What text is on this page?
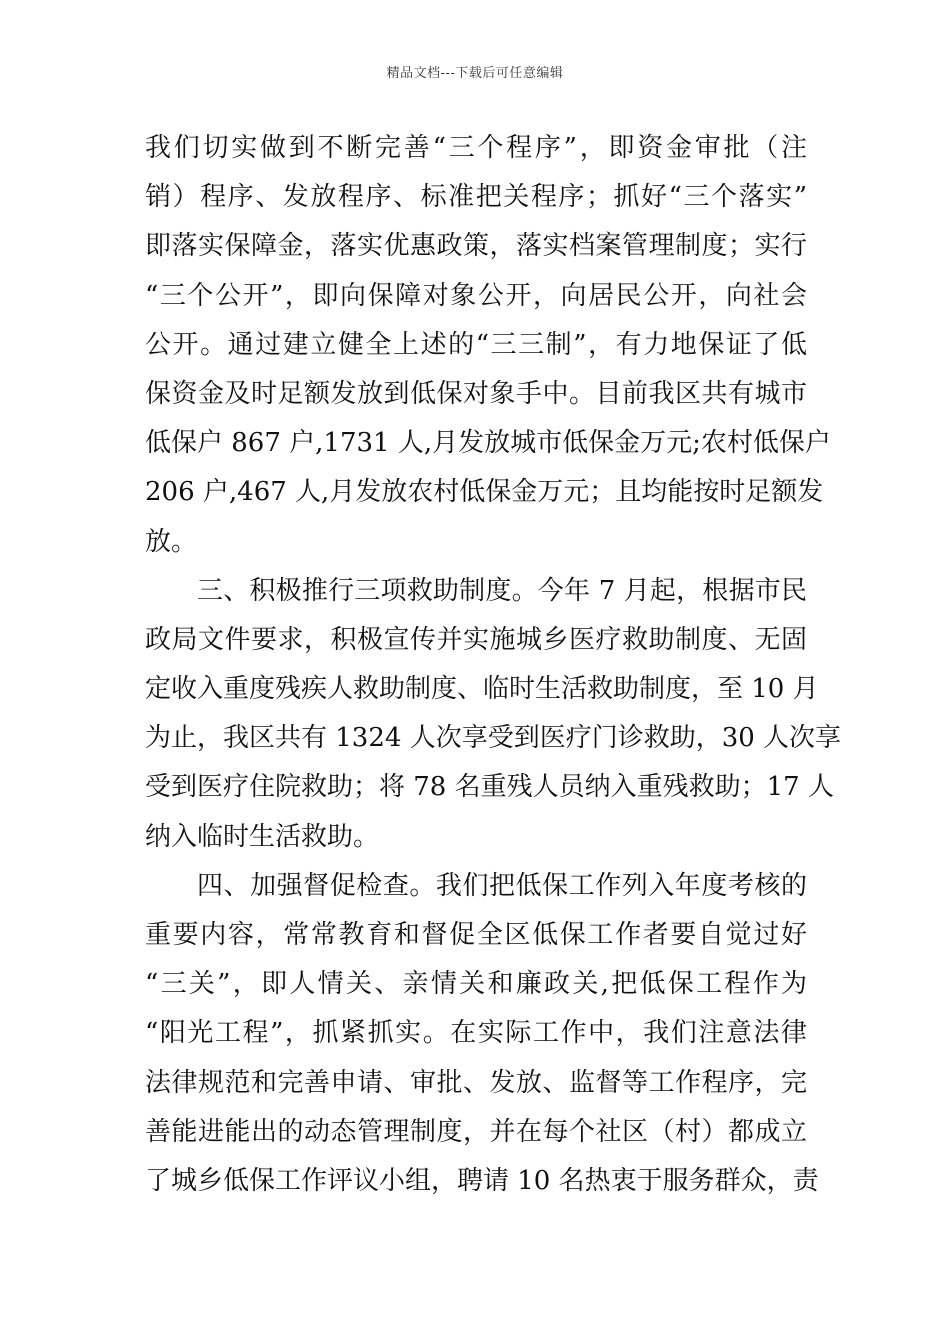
精品文档---下载后可任意编辑
我们切实做到不断完善“三个程序”，即资金审批（注
销）程序、发放程序、标准把关程序；抓好“三个落实”
即落实保障金，落实优惠政策，落实档案管理制度；实行
“三个公开”，即向保障对象公开，向居民公开，向社会
公开。通过建立健全上述的“三三制”，有力地保证了低
保资金及时足额发放到低保对象手中。目前我区共有城市
低保户 867 户,1731 人,月发放城市低保金万元;农村低保户
206 户,467 人,月发放农村低保金万元；且均能按时足额发
放。
三、积极推行三项救助制度。今年 7 月起，根据市民
政局文件要求，积极宣传并实施城乡医疗救助制度、无固
定收入重度残疾人救助制度、临时生活救助制度，至 10 月
为止，我区共有 1324 人次享受到医疗门诊救助，30 人次享
受到医疗住院救助；将 78 名重残人员纳入重残救助；17 人
纳入临时生活救助。
四、加强督促检查。我们把低保工作列入年度考核的
重要内容，常常教育和督促全区低保工作者要自觉过好
“三关”，即人情关、亲情关和廉政关,把低保工程作为
“阳光工程”，抓紧抓实。在实际工作中，我们注意法律
法律规范和完善申请、审批、发放、监督等工作程序，完
善能进能出的动态管理制度，并在每个社区（村）都成立
了城乡低保工作评议小组，聘请 10 名热衷于服务群众，责
